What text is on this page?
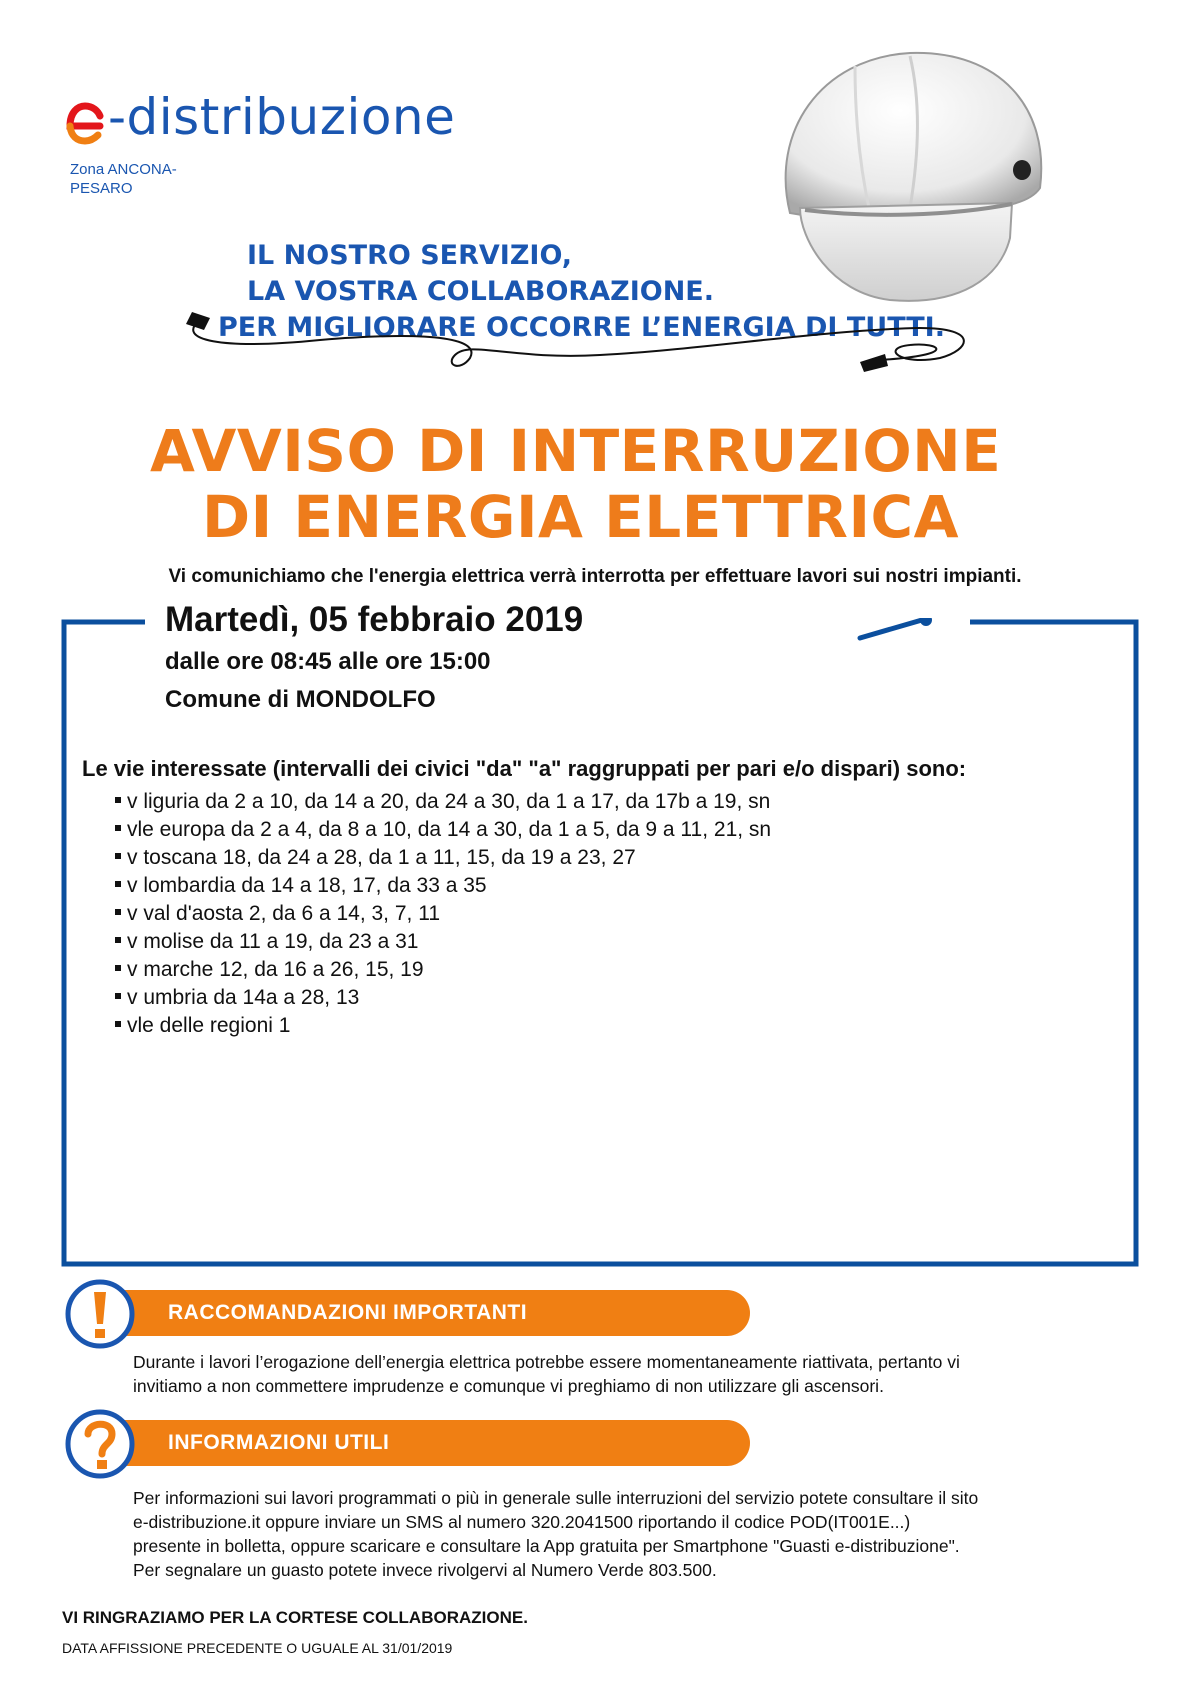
-distribuzione
Zona ANCONA-
PESARO
IL NOSTRO SERVIZIO,
LA VOSTRA COLLABORAZIONE.
PER MIGLIORARE OCCORRE L’ENERGIA DI TUTTI.
AVVISO DI INTERRUZIONE
DI ENERGIA ELETTRICA
Vi comunichiamo che l'energia elettrica verrà interrotta per effettuare lavori sui nostri impianti.
Martedì, 05 febbraio 2019
dalle ore 08:45 alle ore 15:00
Comune di MONDOLFO
Le vie interessate (intervalli dei civici "da" "a" raggruppati per pari e/o dispari) sono:
v liguria da 2 a 10, da 14 a 20, da 24 a 30, da 1 a 17, da 17b a 19, sn
vle europa da 2 a 4, da 8 a 10, da 14 a 30, da 1 a 5, da 9 a 11, 21, sn
v toscana 18, da 24 a 28, da 1 a 11, 15, da 19 a 23, 27
v lombardia da 14 a 18, 17, da 33 a 35
v val d'aosta 2, da 6 a 14, 3, 7, 11
v molise da 11 a 19, da 23 a 31
v marche 12, da 16 a 26, 15, 19
v umbria da 14a a 28, 13
vle delle regioni 1
RACCOMANDAZIONI IMPORTANTI
Durante i lavori l’erogazione dell’energia elettrica potrebbe essere momentaneamente riattivata, pertanto vi
invitiamo a non commettere imprudenze e comunque vi preghiamo di non utilizzare gli ascensori.
INFORMAZIONI UTILI
Per informazioni sui lavori programmati o più in generale sulle interruzioni del servizio potete consultare il sito
e-distribuzione.it oppure inviare un SMS al numero 320.2041500 riportando il codice POD(IT001E...)
presente in bolletta, oppure scaricare e consultare la App gratuita per Smartphone "Guasti e-distribuzione".
Per segnalare un guasto potete invece rivolgervi al Numero Verde 803.500.
VI RINGRAZIAMO PER LA CORTESE COLLABORAZIONE.
DATA AFFISSIONE PRECEDENTE O UGUALE AL 31/01/2019
